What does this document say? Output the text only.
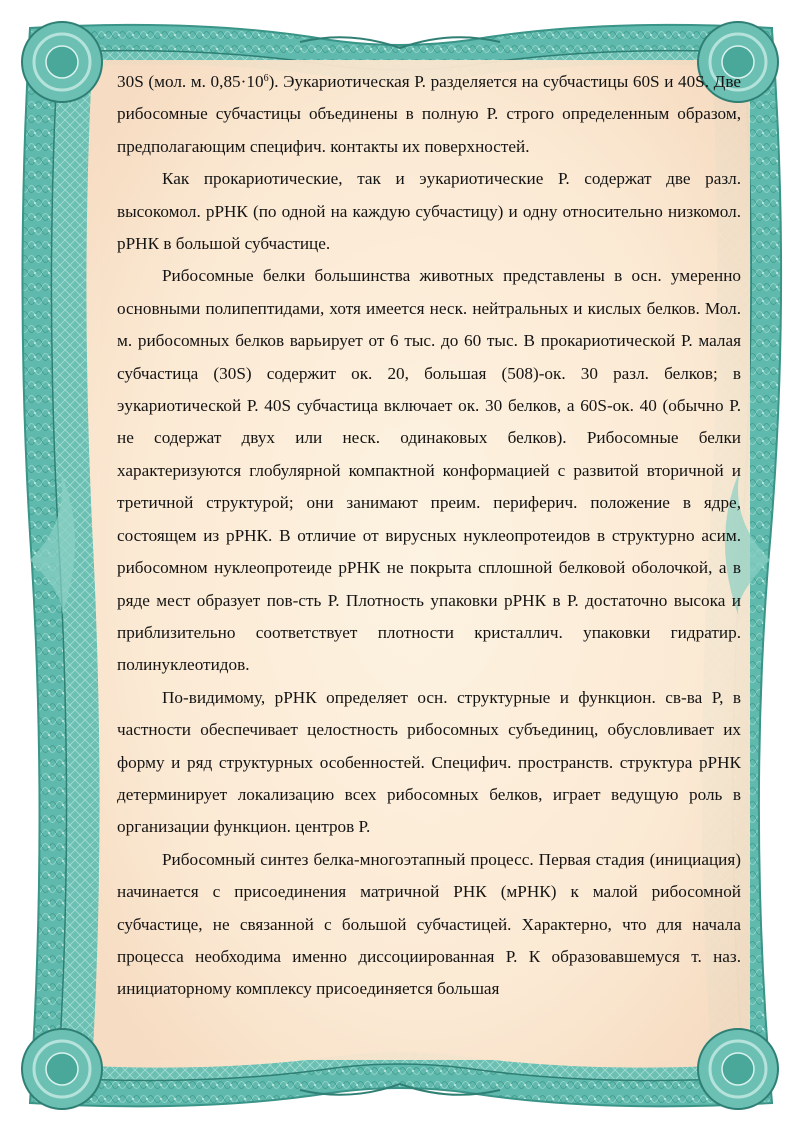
30S (мол. м. $0,85\cdot 10^6$). Эукариотическая Р. разделяется на субчастицы 60S и 40S. Две рибосомные субчастицы объединены в полную Р. строго определенным образом, предполагающим специфич. контакты их поверхностей.

Как прокариотические, так и эукариотические Р. содержат две разл. высокомол. рРНК (по одной на каждую субчастицу) и одну относительно низкомол. рРНК в большой субчастице.

Рибосомные белки большинства животных представлены в осн. умеренно основными полипептидами, хотя имеется неск. нейтральных и кислых белков. Мол. м. рибосомных белков варьирует от 6 тыс. до 60 тыс. В прокариотической Р. малая субчастица (30S) содержит ок. 20, большая (508)-ок. 30 разл. белков; в эукариотической Р. 40S субчастица включает ок. 30 белков, а 60S-ок. 40 (обычно Р. не содержат двух или неск. одинаковых белков). Рибосомные белки характеризуются глобулярной компактной конформацией с развитой вторичной и третичной структурой; они занимают преим. периферич. положение в ядре, состоящем из рРНК. В отличие от вирусных нуклеопротеидов в структурно асим. рибосомном нуклеопротеиде рРНК не покрыта сплошной белковой оболочкой, а в ряде мест образует пов-сть Р. Плотность упаковки рРНК в Р. достаточно высока и приблизительно соответствует плотности кристаллич. упаковки гидратир. полинуклеотидов.

По-видимому, рРНК определяет осн. структурные и функцион. св-ва Р, в частности обеспечивает целостность рибосомных субъединиц, обусловливает их форму и ряд структурных особенностей. Специфич. пространств. структура рРНК детерминирует локализацию всех рибосомных белков, играет ведущую роль в организации функцион. центров Р.

Рибосомный синтез белка-многоэтапный процесс. Первая стадия (инициация) начинается с присоединения матричной РНК (мРНК) к малой рибосомной субчастице, не связанной с большой субчастицей. Характерно, что для начала процесса необходима именно диссоциированная Р. К образовавшемуся т. наз. инициаторному комплексу присоединяется большая
